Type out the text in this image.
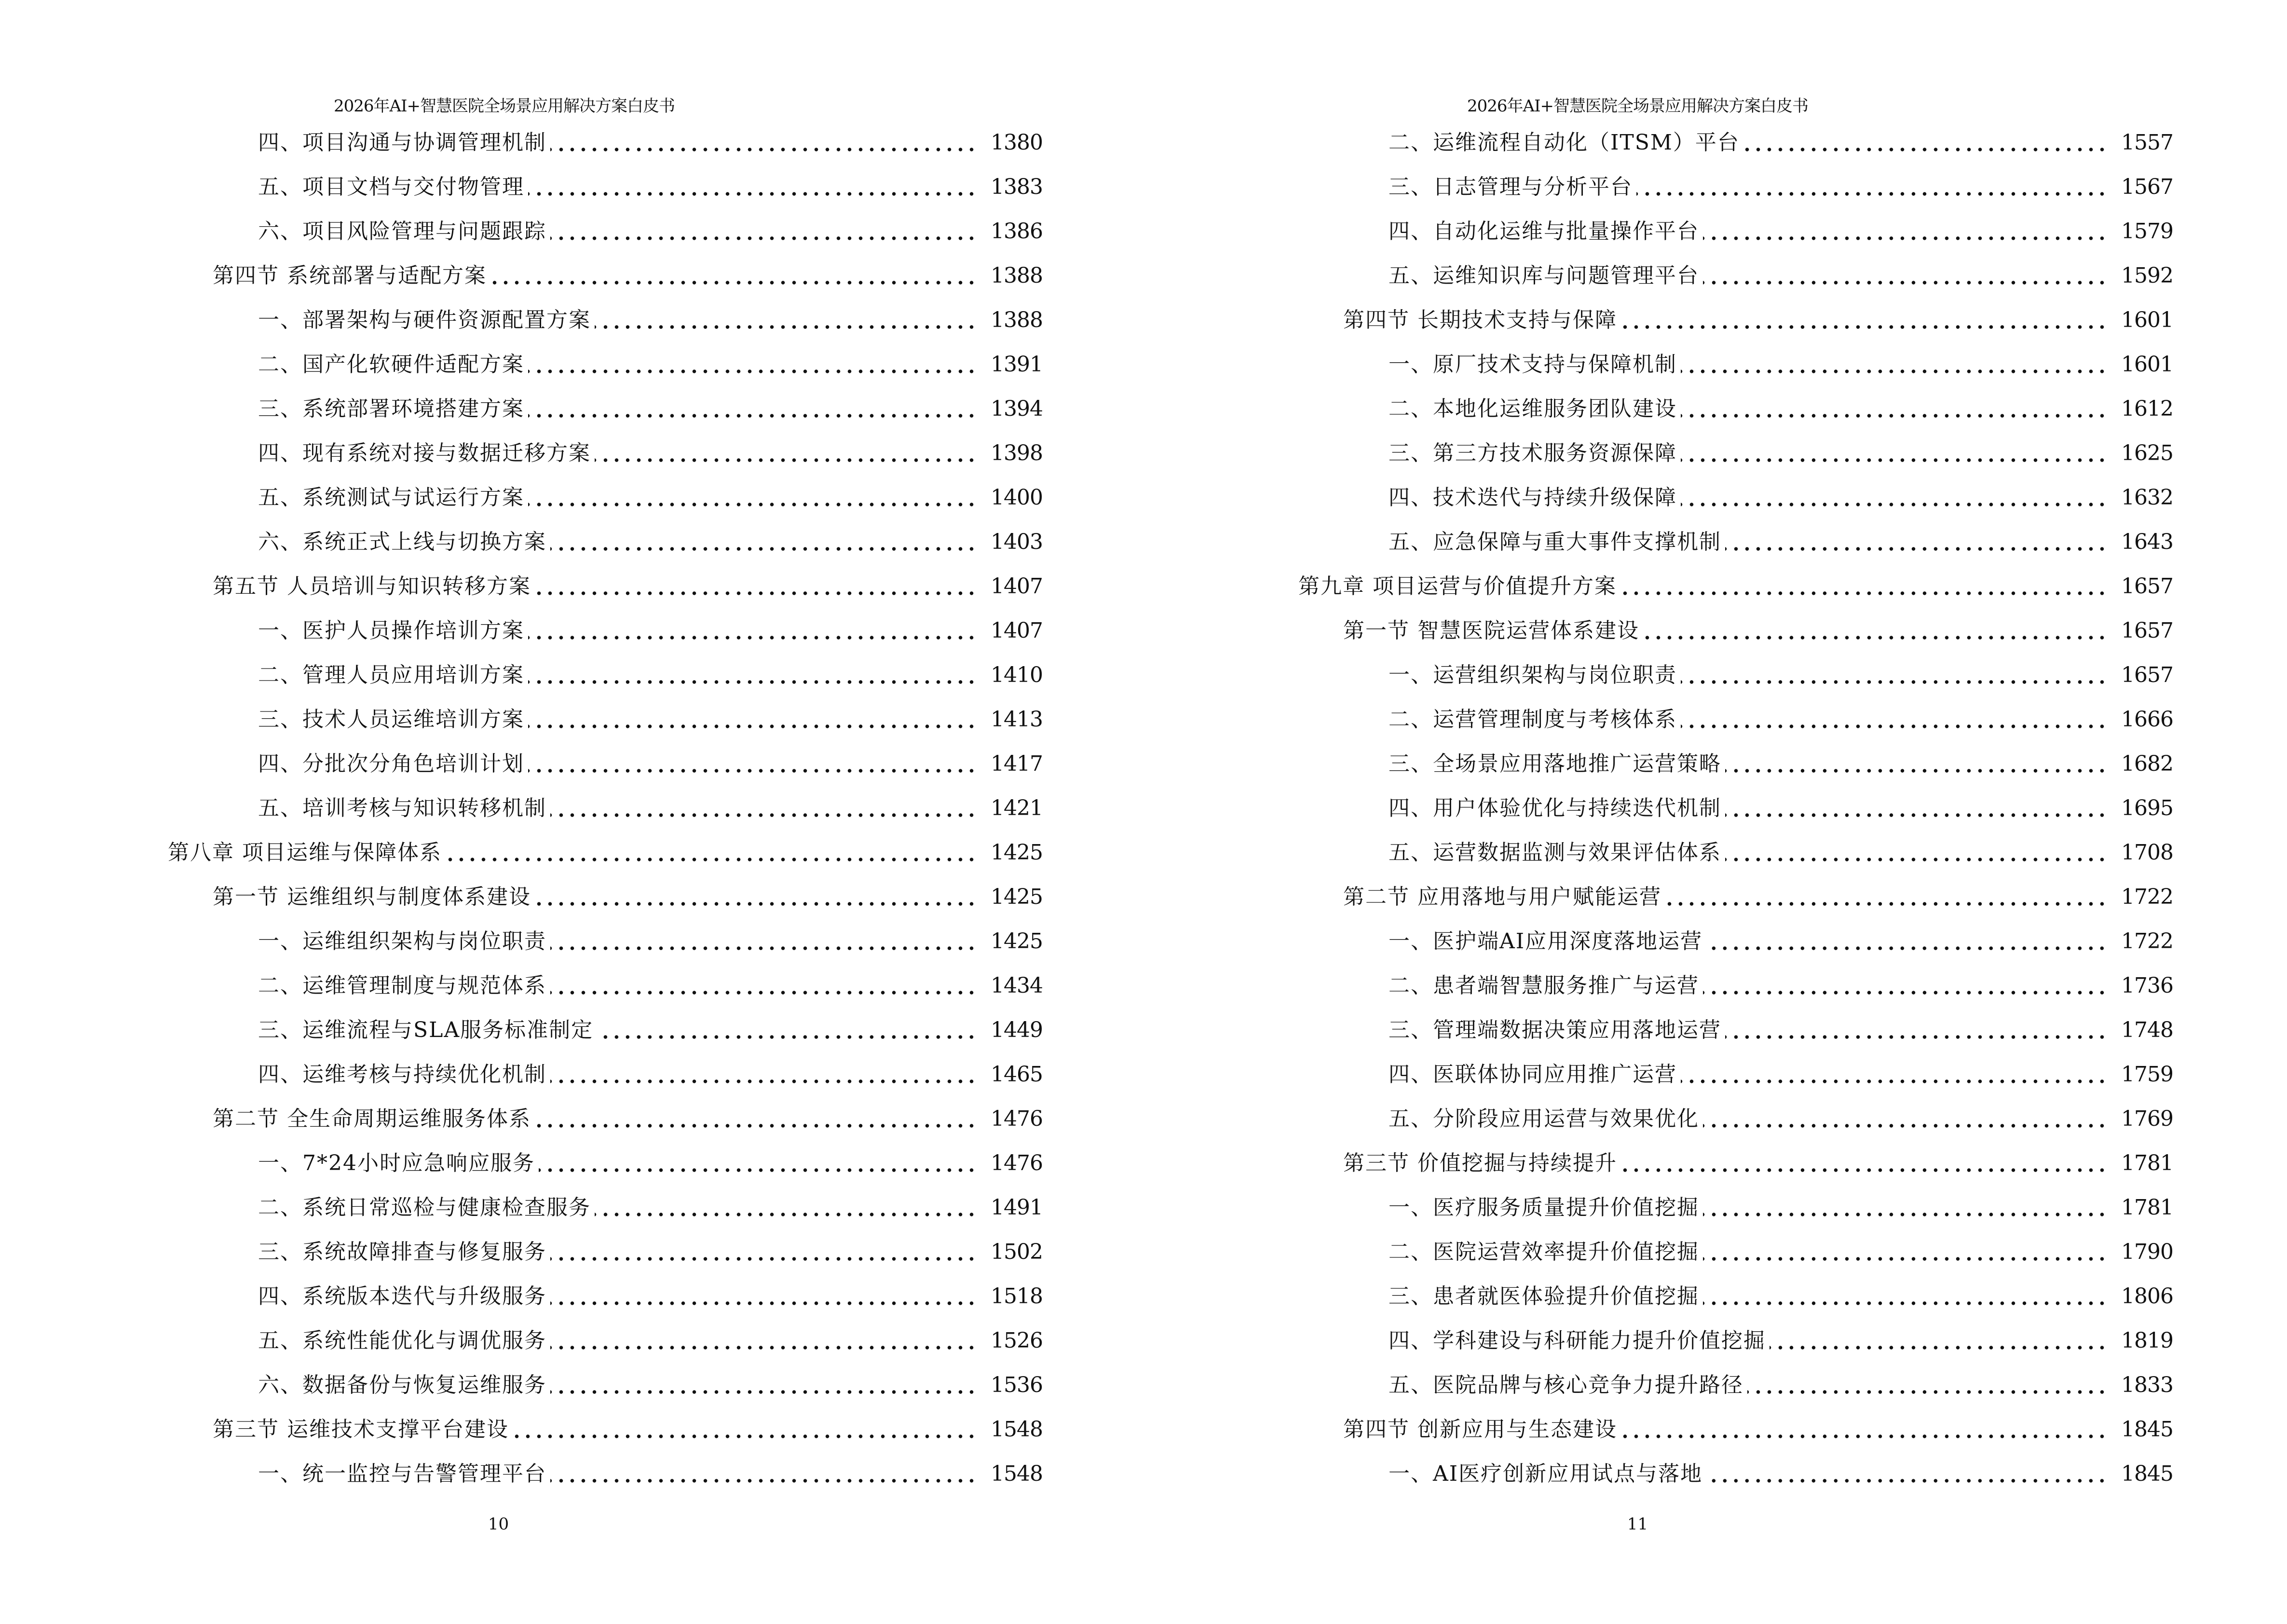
2026年AI+智慧医院全场景应用解决方案白皮书
四、项目沟通与协调管理机制	1380
五、项目文档与交付物管理	1383
六、项目风险管理与问题跟踪	1386
第四节 系统部署与适配方案	1388
一、部署架构与硬件资源配置方案	1388
二、国产化软硬件适配方案	1391
三、系统部署环境搭建方案	1394
四、现有系统对接与数据迁移方案	1398
五、系统测试与试运行方案	1400
六、系统正式上线与切换方案	1403
第五节 人员培训与知识转移方案	1407
一、医护人员操作培训方案	1407
二、管理人员应用培训方案	1410
三、技术人员运维培训方案	1413
四、分批次分角色培训计划	1417
五、培训考核与知识转移机制	1421
第八章 项目运维与保障体系	1425
第一节 运维组织与制度体系建设	1425
一、运维组织架构与岗位职责	1425
二、运维管理制度与规范体系	1434
三、运维流程与SLA服务标准制定	1449
四、运维考核与持续优化机制	1465
第二节 全生命周期运维服务体系	1476
一、7*24小时应急响应服务	1476
二、系统日常巡检与健康检查服务	1491
三、系统故障排查与修复服务	1502
四、系统版本迭代与升级服务	1518
五、系统性能优化与调优服务	1526
六、数据备份与恢复运维服务	1536
第三节 运维技术支撑平台建设	1548
一、统一监控与告警管理平台	1548
10
2026年AI+智慧医院全场景应用解决方案白皮书
二、运维流程自动化（ITSM）平台	1557
三、日志管理与分析平台	1567
四、自动化运维与批量操作平台	1579
五、运维知识库与问题管理平台	1592
第四节 长期技术支持与保障	1601
一、原厂技术支持与保障机制	1601
二、本地化运维服务团队建设	1612
三、第三方技术服务资源保障	1625
四、技术迭代与持续升级保障	1632
五、应急保障与重大事件支撑机制	1643
第九章 项目运营与价值提升方案	1657
第一节 智慧医院运营体系建设	1657
一、运营组织架构与岗位职责	1657
二、运营管理制度与考核体系	1666
三、全场景应用落地推广运营策略	1682
四、用户体验优化与持续迭代机制	1695
五、运营数据监测与效果评估体系	1708
第二节 应用落地与用户赋能运营	1722
一、医护端AI应用深度落地运营	1722
二、患者端智慧服务推广与运营	1736
三、管理端数据决策应用落地运营	1748
四、医联体协同应用推广运营	1759
五、分阶段应用运营与效果优化	1769
第三节 价值挖掘与持续提升	1781
一、医疗服务质量提升价值挖掘	1781
二、医院运营效率提升价值挖掘	1790
三、患者就医体验提升价值挖掘	1806
四、学科建设与科研能力提升价值挖掘	1819
五、医院品牌与核心竞争力提升路径	1833
第四节 创新应用与生态建设	1845
一、AI医疗创新应用试点与落地	1845
11
